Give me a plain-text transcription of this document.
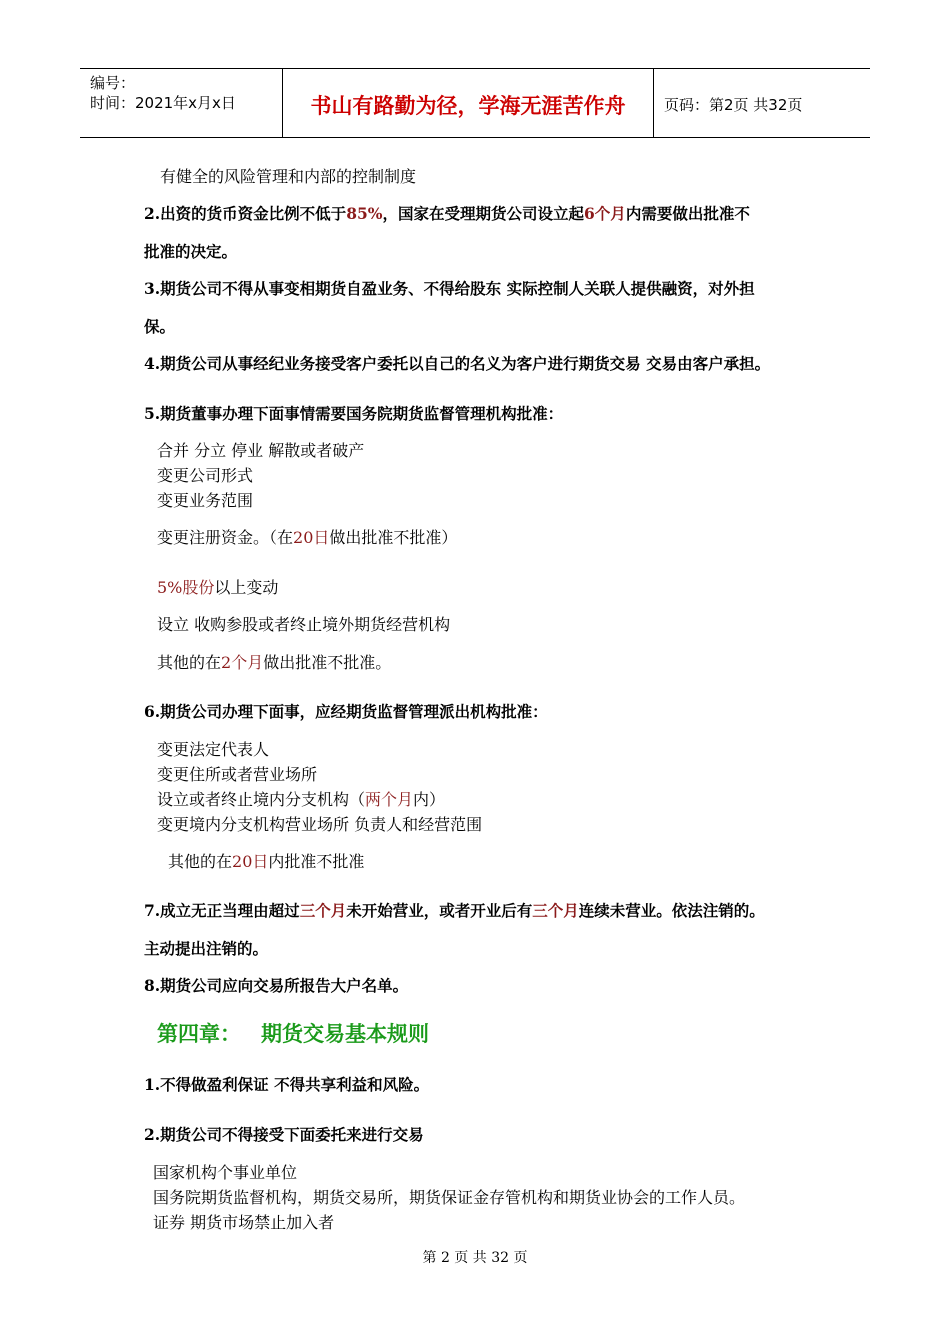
编号：
时间：2021年x月x日	书山有路勤为径，学海无涯苦作舟	页码：第2页 共32页
有健全的风险管理和内部的控制制度
2.出资的货币资金比例不低于85%，国家在受理期货公司设立起6个月内需要做出批准不
批准的决定。
3.期货公司不得从事变相期货自盈业务、不得给股东 实际控制人关联人提供融资，对外担
保。
4.期货公司从事经纪业务接受客户委托以自己的名义为客户进行期货交易 交易由客户承担。
5.期货董事办理下面事情需要国务院期货监督管理机构批准：
合并 分立 停业 解散或者破产
变更公司形式
变更业务范围
变更注册资金。（在20日做出批准不批准）
5%股份以上变动
设立 收购参股或者终止境外期货经营机构
其他的在2个月做出批准不批准。
6.期货公司办理下面事，应经期货监督管理派出机构批准：
变更法定代表人
变更住所或者营业场所
设立或者终止境内分支机构（两个月内）
变更境内分支机构营业场所 负责人和经营范围
其他的在20日内批准不批准
7.成立无正当理由超过三个月未开始营业，或者开业后有三个月连续未营业。依法注销的。
主动提出注销的。
8.期货公司应向交易所报告大户名单。
第四章： 期货交易基本规则
1.不得做盈利保证 不得共享利益和风险。
2.期货公司不得接受下面委托来进行交易
国家机构个事业单位
国务院期货监督机构，期货交易所，期货保证金存管机构和期货业协会的工作人员。
证券 期货市场禁止加入者
第 2 页 共 32 页
